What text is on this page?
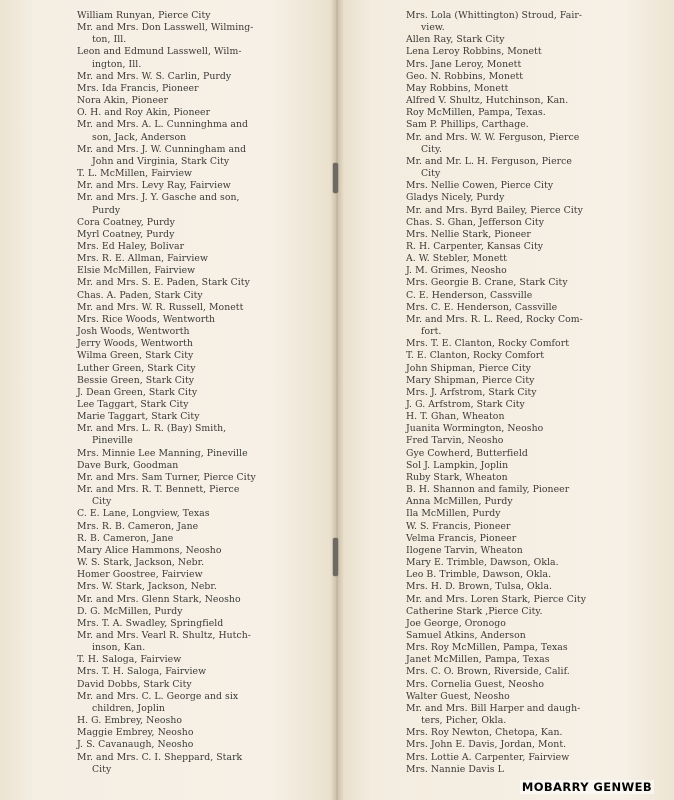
William Runyan, Pierce City
Mr. and Mrs. Don Lasswell, Wilming-
ton, Ill.
Leon and Edmund Lasswell, Wilm-
ington, Ill.
Mr. and Mrs. W. S. Carlin, Purdy
Mrs. Ida Francis, Pioneer
Nora Akin, Pioneer
O. H. and Roy Akin, Pioneer
Mr. and Mrs. A. L. Cunninghma and
son, Jack, Anderson
Mr. and Mrs. J. W. Cunningham and
John and Virginia, Stark City
T. L. McMillen, Fairview
Mr. and Mrs. Levy Ray, Fairview
Mr. and Mrs. J. Y. Gasche and son,
Purdy
Cora Coatney, Purdy
Myrl Coatney, Purdy
Mrs. Ed Haley, Bolivar
Mrs. R. E. Allman, Fairview
Elsie McMillen, Fairview
Mr. and Mrs. S. E. Paden, Stark City
Chas. A. Paden, Stark City
Mr. and Mrs. W. R. Russell, Monett
Mrs. Rice Woods, Wentworth
Josh Woods, Wentworth
Jerry Woods, Wentworth
Wilma Green, Stark City
Luther Green, Stark City
Bessie Green, Stark City
J. Dean Green, Stark City
Lee Taggart, Stark City
Marie Taggart, Stark City
Mr. and Mrs. L. R. (Bay) Smith,
Pineville
Mrs. Minnie Lee Manning, Pineville
Dave Burk, Goodman
Mr. and Mrs. Sam Turner, Pierce City
Mr. and Mrs. R. T. Bennett, Pierce
City
C. E. Lane, Longview, Texas
Mrs. R. B. Cameron, Jane
R. B. Cameron, Jane
Mary Alice Hammons, Neosho
W. S. Stark, Jackson, Nebr.
Homer Goostree, Fairview
Mrs. W. Stark, Jackson, Nebr.
Mr. and Mrs. Glenn Stark, Neosho
D. G. McMillen, Purdy
Mrs. T. A. Swadley, Springfield
Mr. and Mrs. Vearl R. Shultz, Hutch-
inson, Kan.
T. H. Saloga, Fairview
Mrs. T. H. Saloga, Fairview
David Dobbs, Stark City
Mr. and Mrs. C. L. George and six
children, Joplin
H. G. Embrey, Neosho
Maggie Embrey, Neosho
J. S. Cavanaugh, Neosho
Mr. and Mrs. C. I. Sheppard, Stark
City
Mrs. Lola (Whittington) Stroud, Fair-
view.
Allen Ray, Stark City
Lena Leroy Robbins, Monett
Mrs. Jane Leroy, Monett
Geo. N. Robbins, Monett
May Robbins, Monett
Alfred V. Shultz, Hutchinson, Kan.
Roy McMillen, Pampa, Texas.
Sam P. Phillips, Carthage.
Mr. and Mrs. W. W. Ferguson, Pierce
City.
Mr. and Mr. L. H. Ferguson, Pierce
City
Mrs. Nellie Cowen, Pierce City
Gladys Nicely, Purdy
Mr. and Mrs. Byrd Bailey, Pierce City
Chas. S. Ghan, Jefferson City
Mrs. Nellie Stark, Pioneer
R. H. Carpenter, Kansas City
A. W. Stebler, Monett
J. M. Grimes, Neosho
Mrs. Georgie B. Crane, Stark City
C. E. Henderson, Cassville
Mrs. C. E. Henderson, Cassville
Mr. and Mrs. R. L. Reed, Rocky Com-
fort.
Mrs. T. E. Clanton, Rocky Comfort
T. E. Clanton, Rocky Comfort
John Shipman, Pierce City
Mary Shipman, Pierce City
Mrs. J. Arfstrom, Stark City
J. G. Arfstrom, Stark City
H. T. Ghan, Wheaton
Juanita Wormington, Neosho
Fred Tarvin, Neosho
Gye Cowherd, Butterfield
Sol J. Lampkin, Joplin
Ruby Stark, Wheaton
B. H. Shannon and family, Pioneer
Anna McMillen, Purdy
Ila McMillen, Purdy
W. S. Francis, Pioneer
Velma Francis, Pioneer
Ilogene Tarvin, Wheaton
Mary E. Trimble, Dawson, Okla.
Leo B. Trimble, Dawson, Okla.
Mrs. H. D. Brown, Tulsa, Okla.
Mr. and Mrs. Loren Stark, Pierce City
Catherine Stark ,Pierce City.
Joe George, Oronogo
Samuel Atkins, Anderson
Mrs. Roy McMillen, Pampa, Texas
Janet McMillen, Pampa, Texas
Mrs. C. O. Brown, Riverside, Calif.
Mrs. Cornelia Guest, Neosho
Walter Guest, Neosho
Mr. and Mrs. Bill Harper and daugh-
ters, Picher, Okla.
Mrs. Roy Newton, Chetopa, Kan.
Mrs. John E. Davis, Jordan, Mont.
Mrs. Lottie A. Carpenter, Fairview
Mrs. Nannie Davis L
MOBARRY GENWEB
